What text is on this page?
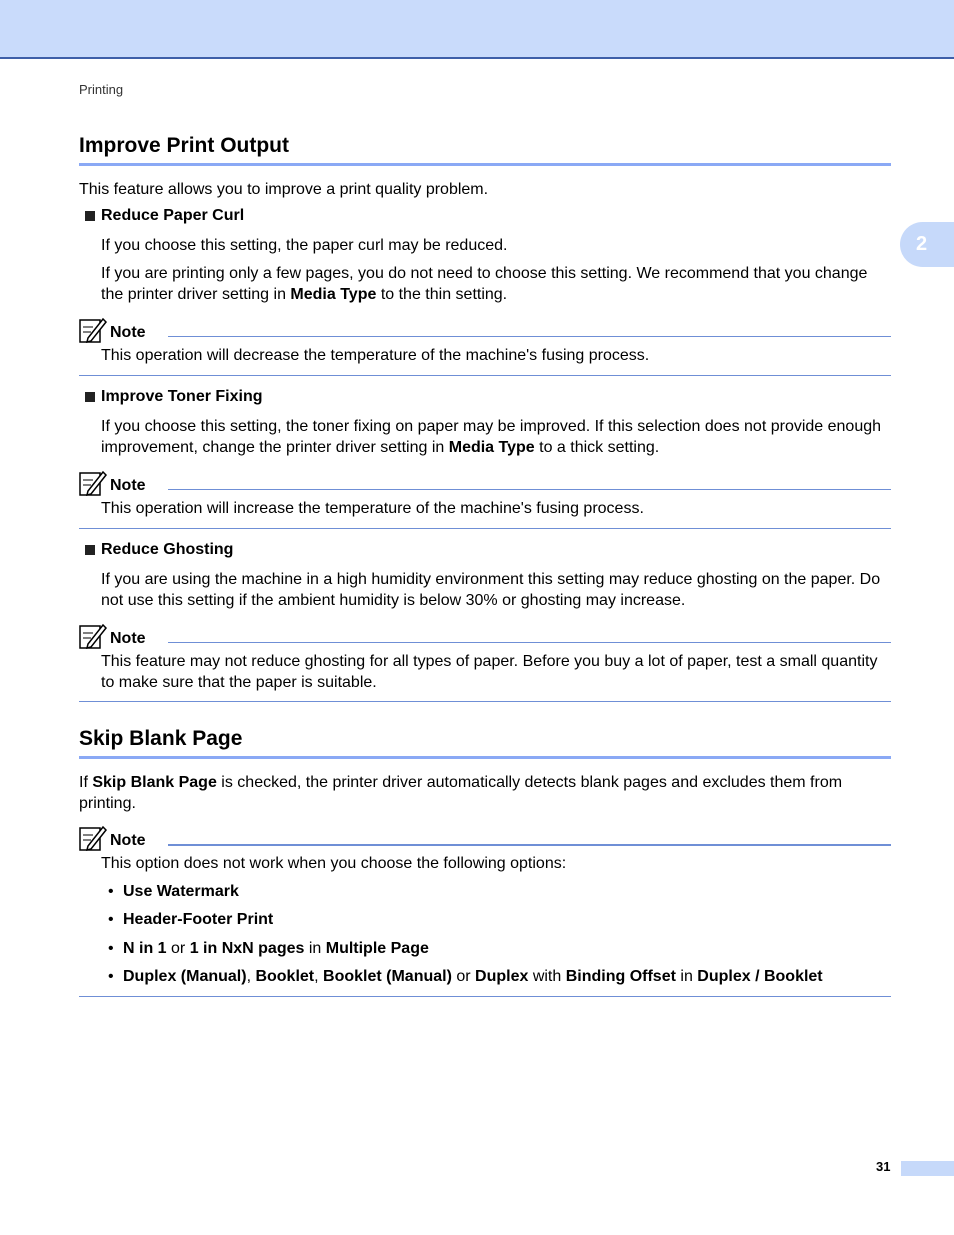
Printing
2
Improve Print Output
This feature allows you to improve a print quality problem.
Reduce Paper Curl
If you choose this setting, the paper curl may be reduced.
If you are printing only a few pages, you do not need to choose this setting. We recommend that you change the printer driver setting in Media Type to the thin setting.
Note
This operation will decrease the temperature of the machine's fusing process.
Improve Toner Fixing
If you choose this setting, the toner fixing on paper may be improved. If this selection does not provide enough improvement, change the printer driver setting in Media Type to a thick setting.
Note
This operation will increase the temperature of the machine's fusing process.
Reduce Ghosting
If you are using the machine in a high humidity environment this setting may reduce ghosting on the paper. Do not use this setting if the ambient humidity is below 30% or ghosting may increase.
Note
This feature may not reduce ghosting for all types of paper. Before you buy a lot of paper, test a small quantity to make sure that the paper is suitable.
Skip Blank Page
If Skip Blank Page is checked, the printer driver automatically detects blank pages and excludes them from printing.
Note
This option does not work when you choose the following options:
• Use Watermark
• Header-Footer Print
• N in 1 or 1 in NxN pages in Multiple Page
• Duplex (Manual), Booklet, Booklet (Manual) or Duplex with Binding Offset in Duplex / Booklet
31
